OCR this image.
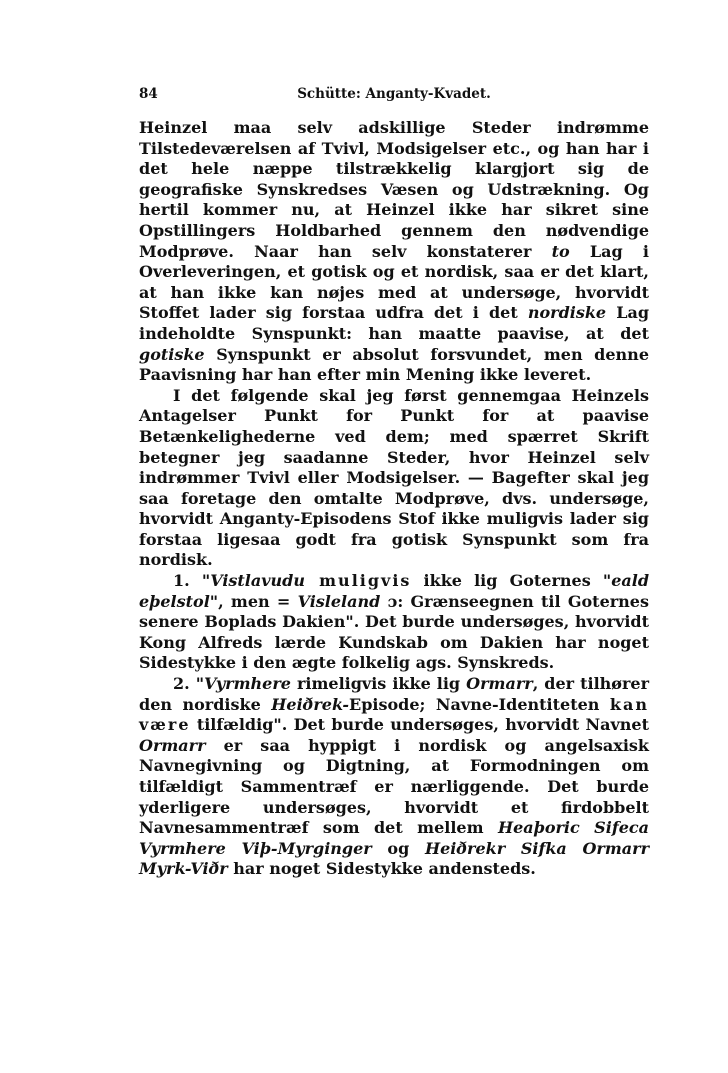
84	Schütte: Anganty-Kvadet.

Heinzel maa selv adskillige Steder indrømme Tilstedeværelsen af Tvivl, Modsigelser etc., og han har i det hele næppe tilstrækkelig klargjort sig de geografiske Synskredses Væsen og Udstrækning. Og hertil kommer nu, at Heinzel ikke har sikret sine Opstillingers Holdbarhed gennem den nødvendige Modprøve. Naar han selv konstaterer to Lag i Overleveringen, et gotisk og et nordisk, saa er det klart, at han ikke kan nøjes med at undersøge, hvorvidt Stoffet lader sig forstaa udfra det i det nordiske Lag indeholdte Synspunkt: han maatte paavise, at det gotiske Synspunkt er absolut forsvundet, men denne Paavisning har han efter min Mening ikke leveret.

I det følgende skal jeg først gennemgaa Heinzels Antagelser Punkt for Punkt for at paavise Betænkelighederne ved dem; med spærret Skrift betegner jeg saadanne Steder, hvor Heinzel selv indrømmer Tvivl eller Modsigelser. — Bagefter skal jeg saa foretage den omtalte Modprøve, dvs. undersøge, hvorvidt Anganty-Episodens Stof ikke muligvis lader sig forstaa ligesaa godt fra gotisk Synspunkt som fra nordisk.

1. "Vistlavudu muligvis ikke lig Goternes "eald eþelstol", men = Visleland ɔ: Grænseegnen til Goternes senere Boplads Dakien". Det burde undersøges, hvorvidt Kong Alfreds lærde Kundskab om Dakien har noget Sidestykke i den ægte folkelig ags. Synskreds.

2. "Vyrmhere rimeligvis ikke lig Ormarr, der tilhører den nordiske Heiðrek-Episode; Navne-Identiteten kan være tilfældig". Det burde undersøges, hvorvidt Navnet Ormarr er saa hyppigt i nordisk og angelsaxisk Navnegivning og Digtning, at Formodningen om tilfældigt Sammentræf er nærliggende. Det burde yderligere undersøges, hvorvidt et firdobbelt Navnesammentræf som det mellem Heaþoric Sifeca Vyrmhere Viþ-Myrginger og Heiðrekr Sifka Ormarr Myrk-Viðr har noget Sidestykke andensteds.
